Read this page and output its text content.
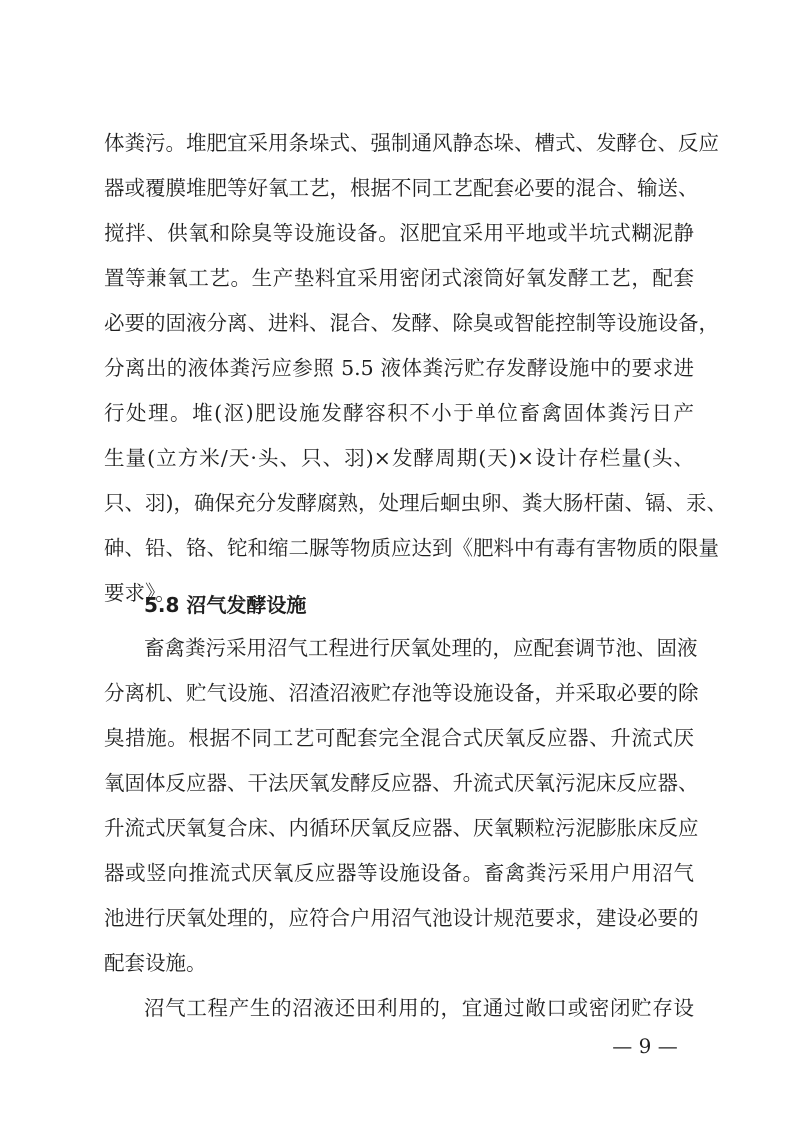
体粪污。堆肥宜采用条垛式、强制通风静态垛、槽式、发酵仓、反应
器或覆膜堆肥等好氧工艺，根据不同工艺配套必要的混合、输送、
搅拌、供氧和除臭等设施设备。沤肥宜采用平地或半坑式糊泥静
置等兼氧工艺。生产垫料宜采用密闭式滚筒好氧发酵工艺，配套
必要的固液分离、进料、混合、发酵、除臭或智能控制等设施设备，
分离出的液体粪污应参照 5.5 液体粪污贮存发酵设施中的要求进
行处理。堆(沤)肥设施发酵容积不小于单位畜禽固体粪污日产
生量(立方米/天·头、只、羽)×发酵周期(天)×设计存栏量(头、
只、羽)，确保充分发酵腐熟，处理后蛔虫卵、粪大肠杆菌、镉、汞、
砷、铅、铬、铊和缩二脲等物质应达到《肥料中有毒有害物质的限量
要求》。
5.8 沼气发酵设施
畜禽粪污采用沼气工程进行厌氧处理的，应配套调节池、固液
分离机、贮气设施、沼渣沼液贮存池等设施设备，并采取必要的除
臭措施。根据不同工艺可配套完全混合式厌氧反应器、升流式厌
氧固体反应器、干法厌氧发酵反应器、升流式厌氧污泥床反应器、
升流式厌氧复合床、内循环厌氧反应器、厌氧颗粒污泥膨胀床反应
器或竖向推流式厌氧反应器等设施设备。畜禽粪污采用户用沼气
池进行厌氧处理的，应符合户用沼气池设计规范要求，建设必要的
配套设施。
沼气工程产生的沼液还田利用的，宜通过敞口或密闭贮存设
— 9 —
